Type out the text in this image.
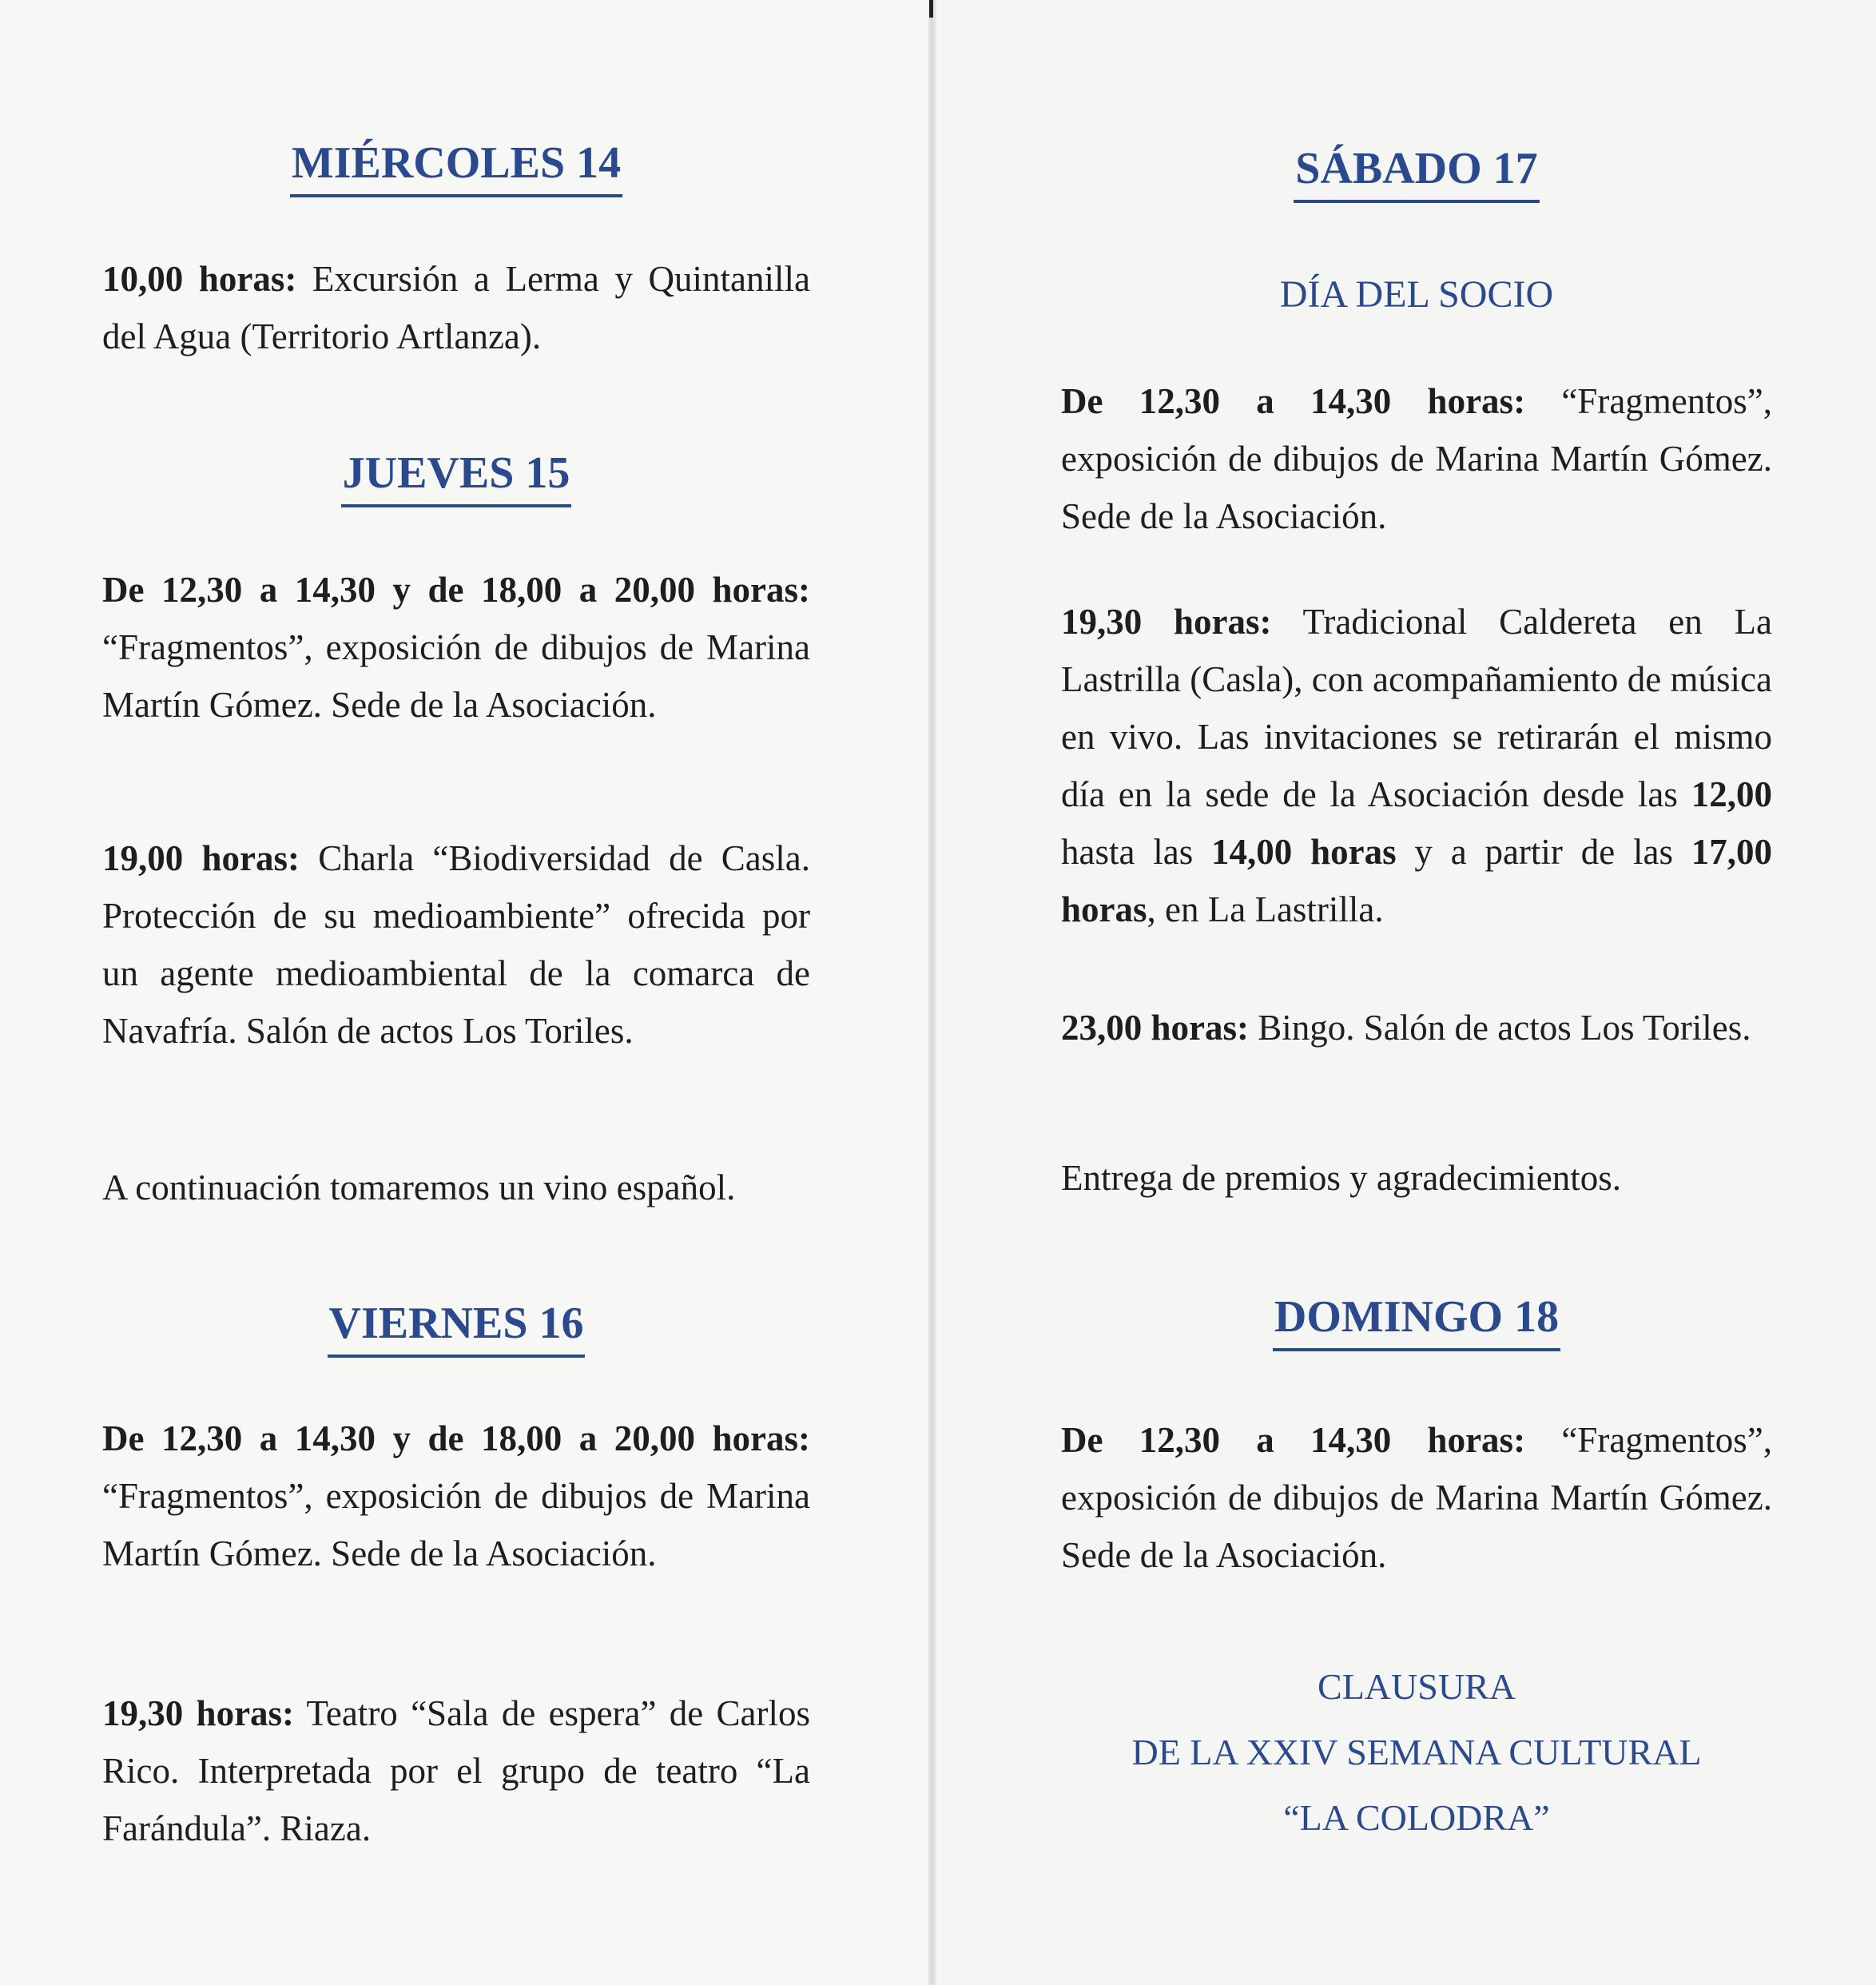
MIÉRCOLES 14

10,00 horas: Excursión a Lerma y Quintanilla del Agua (Territorio Artlanza).

JUEVES 15

De 12,30 a 14,30 y de 18,00 a 20,00 horas: “Fragmentos”, exposición de dibujos de Marina Martín Gómez. Sede de la Asociación.

19,00 horas: Charla “Biodiversidad de Casla. Protección de su medioambiente” ofrecida por un agente medioambiental de la comarca de Navafría. Salón de actos Los Toriles.

A continuación tomaremos un vino español.

VIERNES 16

De 12,30 a 14,30 y de 18,00 a 20,00 horas: “Fragmentos”, exposición de dibujos de Marina Martín Gómez. Sede de la Asociación.

19,30 horas: Teatro “Sala de espera” de Carlos Rico. Interpretada por el grupo de teatro “La Farándula”. Riaza.

SÁBADO 17
DÍA DEL SOCIO

De 12,30 a 14,30 horas: “Fragmentos”, exposición de dibujos de Marina Martín Gómez. Sede de la Asociación.

19,30 horas: Tradicional Caldereta en La Lastrilla (Casla), con acompañamiento de música en vivo. Las invitaciones se retirarán el mismo día en la sede de la Asociación desde las 12,00 hasta las 14,00 horas y a partir de las 17,00 horas, en La Lastrilla.

23,00 horas: Bingo. Salón de actos Los Toriles.

Entrega de premios y agradecimientos.

DOMINGO 18

De 12,30 a 14,30 horas: “Fragmentos”, exposición de dibujos de Marina Martín Gómez. Sede de la Asociación.

CLAUSURA
DE LA XXIV SEMANA CULTURAL
“LA COLODRA”
